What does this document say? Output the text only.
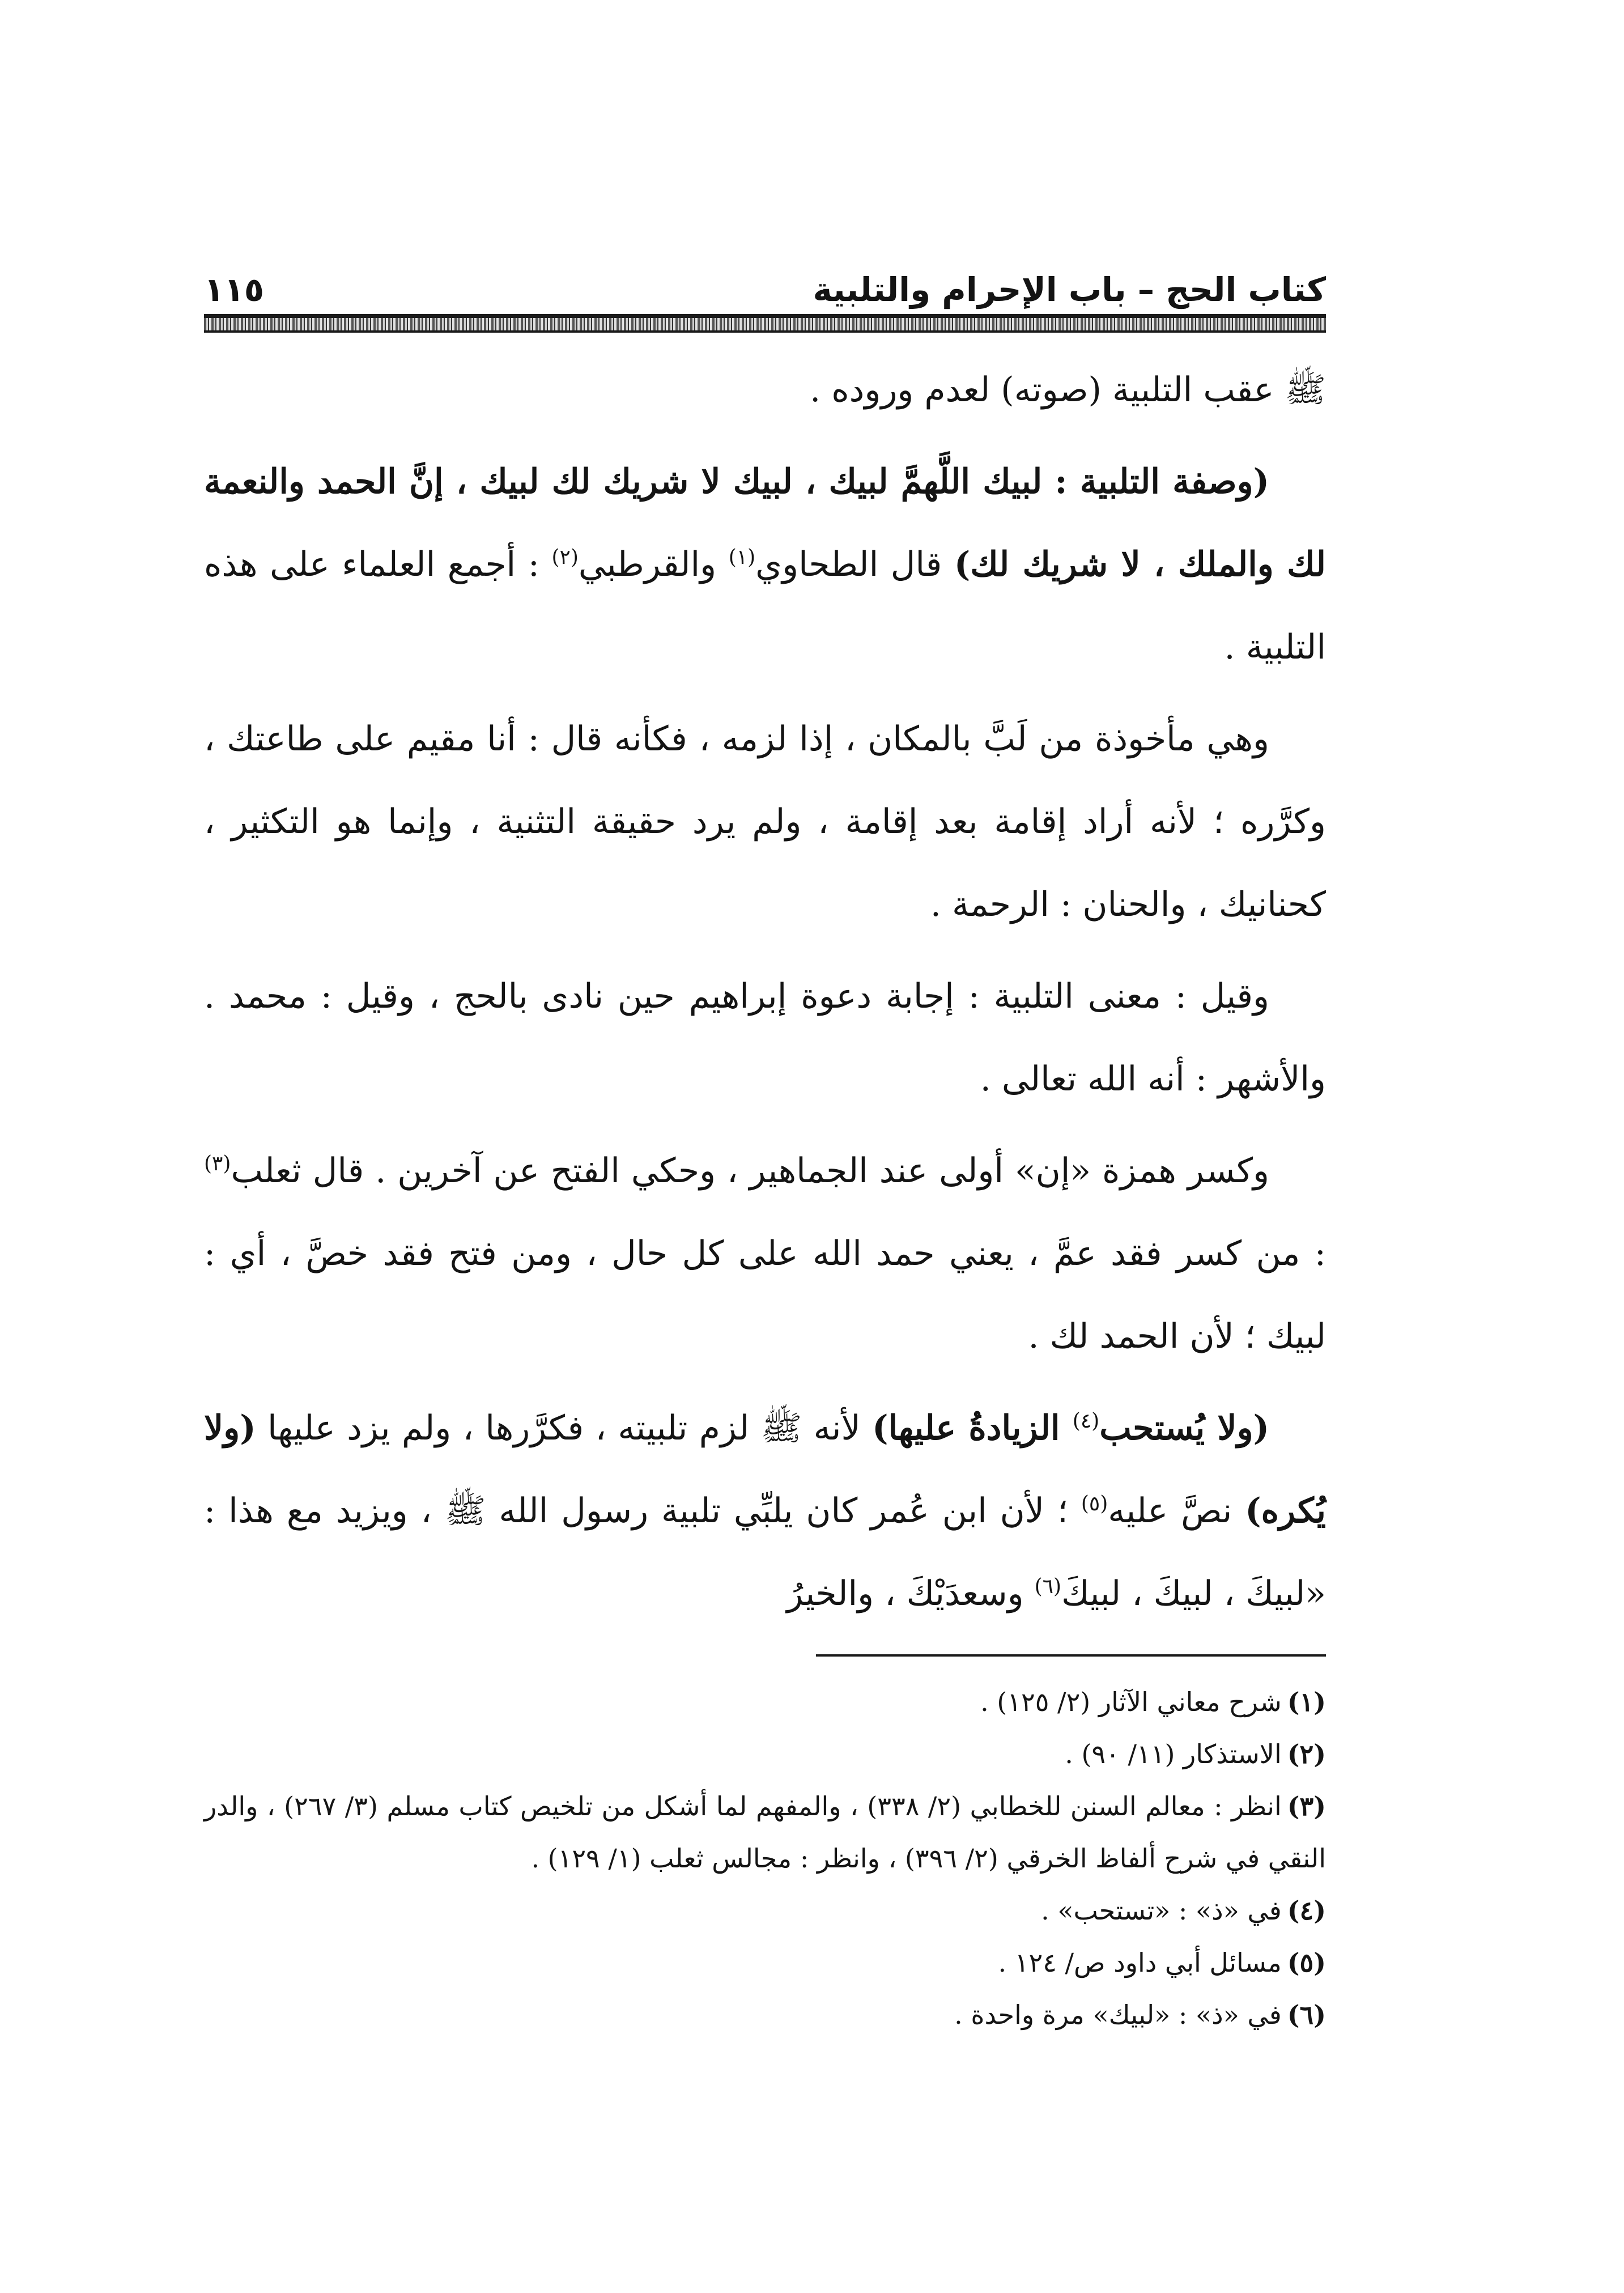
كتاب الحج – باب الإحرام والتلبية
١١٥

ﷺ عقب التلبية (صوته) لعدم وروده .

(وصفة التلبية : لبيك اللَّهمَّ لبيك ، لبيك لا شريك لك لبيك ، إنَّ الحمد والنعمة لك والملك ، لا شريك لك) قال الطحاوي$^{(١)}$ والقرطبي$^{(٢)}$ : أجمع العلماء على هذه التلبية .

وهي مأخوذة من لَبَّ بالمكان ، إذا لزمه ، فكأنه قال : أنا مقيم على طاعتك ، وكرَّره ؛ لأنه أراد إقامة بعد إقامة ، ولم يرد حقيقة التثنية ، وإنما هو التكثير ، كحنانيك ، والحنان : الرحمة .

وقيل : معنى التلبية : إجابة دعوة إبراهيم حين نادى بالحج ، وقيل : محمد . والأشهر : أنه الله تعالى .

وكسر همزة «إن» أولى عند الجماهير ، وحكي الفتح عن آخرين . قال ثعلب$^{(٣)}$ : من كسر فقد عمَّ ، يعني حمد الله على كل حال ، ومن فتح فقد خصَّ ، أي : لبيك ؛ لأن الحمد لك .

(ولا يُستحب$^{(٤)}$ الزيادةُ عليها) لأنه ﷺ لزم تلبيته ، فكرَّرها ، ولم يزد عليها (ولا يُكره) نصَّ عليه$^{(٥)}$ ؛ لأن ابن عُمر كان يلبِّي تلبية رسول الله ﷺ ، ويزيد مع هذا : «لبيكَ ، لبيكَ ، لبيكَ$^{(٦)}$ وسعدَيْكَ ، والخيرُ

(١)شرح معاني الآثار (٢/ ١٢٥) .

(٢)الاستذكار (١١/ ٩٠) .

(٣)انظر : معالم السنن للخطابي (٢/ ٣٣٨) ، والمفهم لما أشكل من تلخيص كتاب مسلم (٣/ ٢٦٧) ، والدر النقي في شرح ألفاظ الخرقي (٢/ ٣٩٦) ، وانظر : مجالس ثعلب (١/ ١٢٩) .

(٤)في «ذ» : «تستحب» .

(٥)مسائل أبي داود ص/ ١٢٤ .

(٦)في «ذ» : «لبيك» مرة واحدة .
